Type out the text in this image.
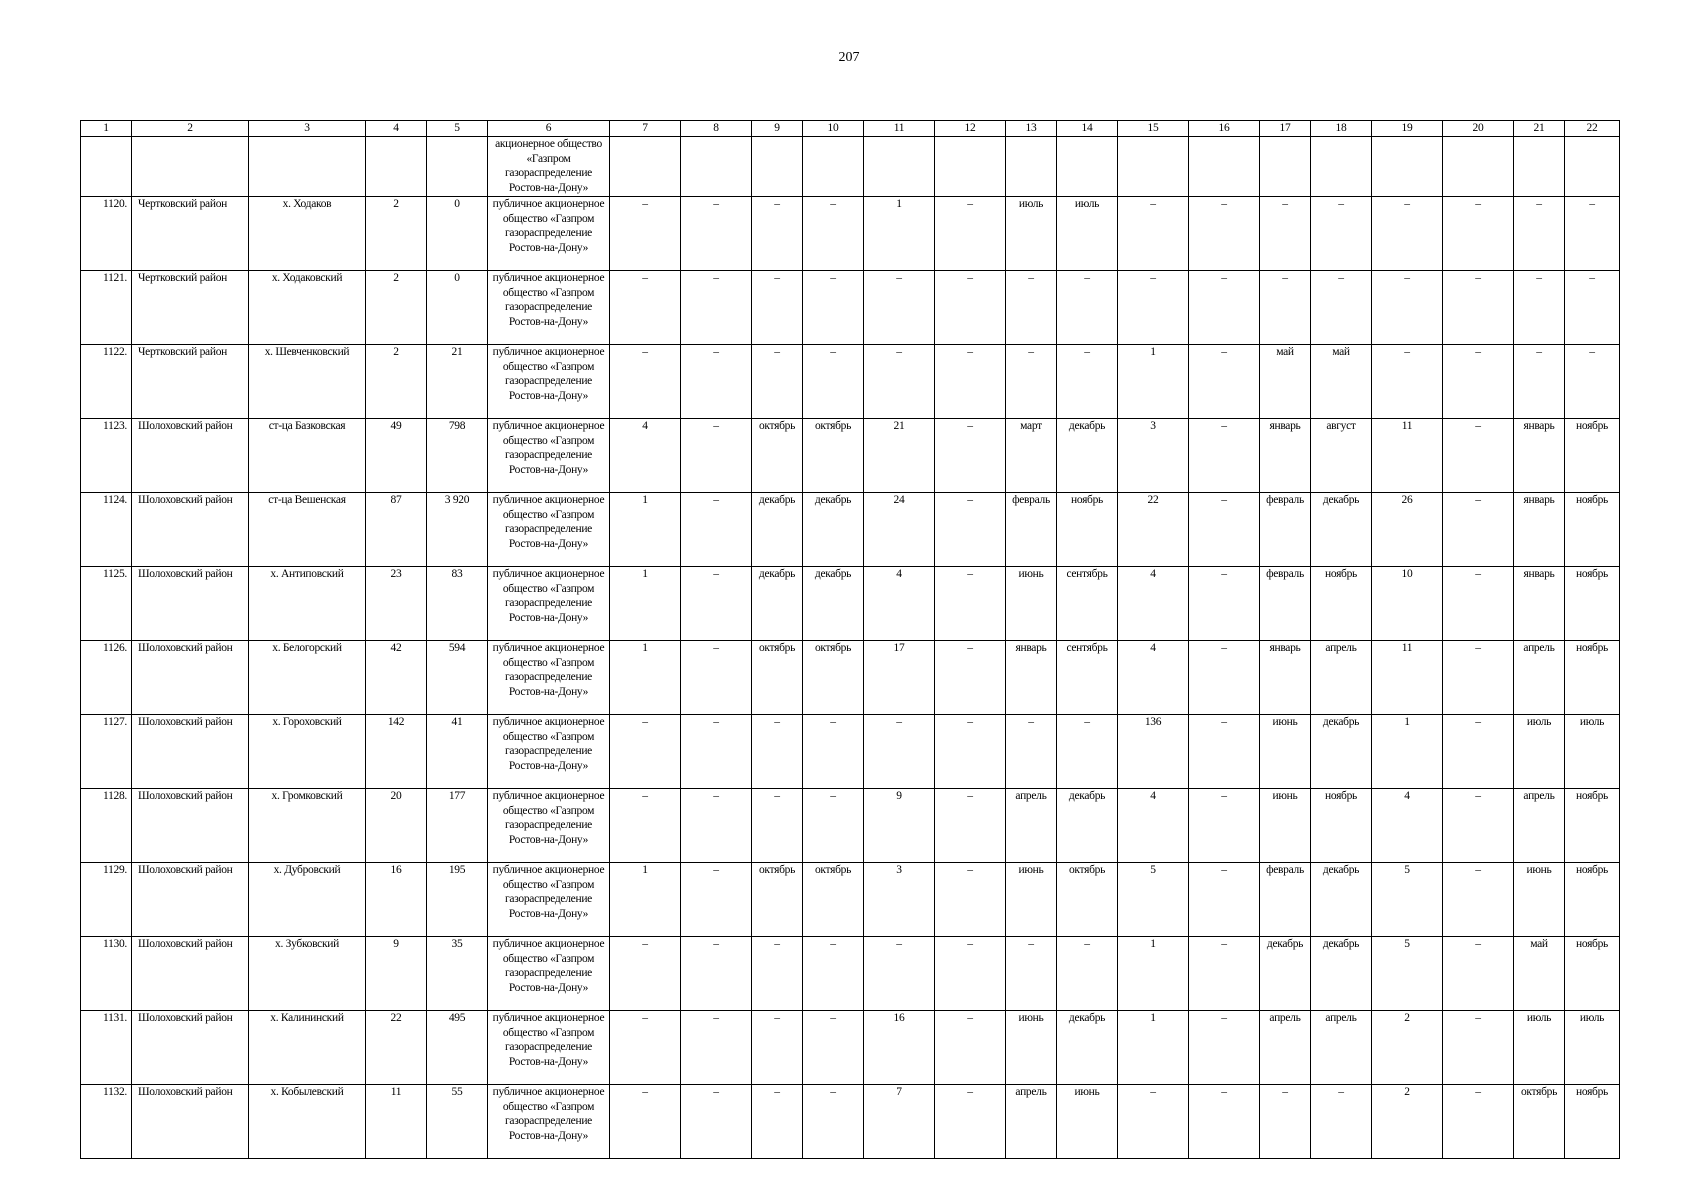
207
1	2	3	4	5	6	7	8	9	10	11	12	13	14	15	16	17	18	19	20	21	22
					акционерное общество «Газпром газораспределение Ростов-на-Дону»																
1120.	Чертковский район	х. Ходаков	2	0	публичное акционерное общество «Газпром газораспределение Ростов-на-Дону»	–	–	–	–	1	–	июль	июль	–	–	–	–	–	–	–	–
1121.	Чертковский район	х. Ходаковский	2	0	публичное акционерное общество «Газпром газораспределение Ростов-на-Дону»	–	–	–	–	–	–	–	–	–	–	–	–	–	–	–	–
1122.	Чертковский район	х. Шевченковский	2	21	публичное акционерное общество «Газпром газораспределение Ростов-на-Дону»	–	–	–	–	–	–	–	–	1	–	май	май	–	–	–	–
1123.	Шолоховский район	ст-ца Базковская	49	798	публичное акционерное общество «Газпром газораспределение Ростов-на-Дону»	4	–	октябрь	октябрь	21	–	март	декабрь	3	–	январь	август	11	–	январь	ноябрь
1124.	Шолоховский район	ст-ца Вешенская	87	3 920	публичное акционерное общество «Газпром газораспределение Ростов-на-Дону»	1	–	декабрь	декабрь	24	–	февраль	ноябрь	22	–	февраль	декабрь	26	–	январь	ноябрь
1125.	Шолоховский район	х. Антиповский	23	83	публичное акционерное общество «Газпром газораспределение Ростов-на-Дону»	1	–	декабрь	декабрь	4	–	июнь	сентябрь	4	–	февраль	ноябрь	10	–	январь	ноябрь
1126.	Шолоховский район	х. Белогорский	42	594	публичное акционерное общество «Газпром газораспределение Ростов-на-Дону»	1	–	октябрь	октябрь	17	–	январь	сентябрь	4	–	январь	апрель	11	–	апрель	ноябрь
1127.	Шолоховский район	х. Гороховский	142	41	публичное акционерное общество «Газпром газораспределение Ростов-на-Дону»	–	–	–	–	–	–	–	–	136	–	июнь	декабрь	1	–	июль	июль
1128.	Шолоховский район	х. Громковский	20	177	публичное акционерное общество «Газпром газораспределение Ростов-на-Дону»	–	–	–	–	9	–	апрель	декабрь	4	–	июнь	ноябрь	4	–	апрель	ноябрь
1129.	Шолоховский район	х. Дубровский	16	195	публичное акционерное общество «Газпром газораспределение Ростов-на-Дону»	1	–	октябрь	октябрь	3	–	июнь	октябрь	5	–	февраль	декабрь	5	–	июнь	ноябрь
1130.	Шолоховский район	х. Зубковский	9	35	публичное акционерное общество «Газпром газораспределение Ростов-на-Дону»	–	–	–	–	–	–	–	–	1	–	декабрь	декабрь	5	–	май	ноябрь
1131.	Шолоховский район	х. Калининский	22	495	публичное акционерное общество «Газпром газораспределение Ростов-на-Дону»	–	–	–	–	16	–	июнь	декабрь	1	–	апрель	апрель	2	–	июль	июль
1132.	Шолоховский район	х. Кобылевский	11	55	публичное акционерное общество «Газпром газораспределение Ростов-на-Дону»	–	–	–	–	7	–	апрель	июнь	–	–	–	–	2	–	октябрь	ноябрь
